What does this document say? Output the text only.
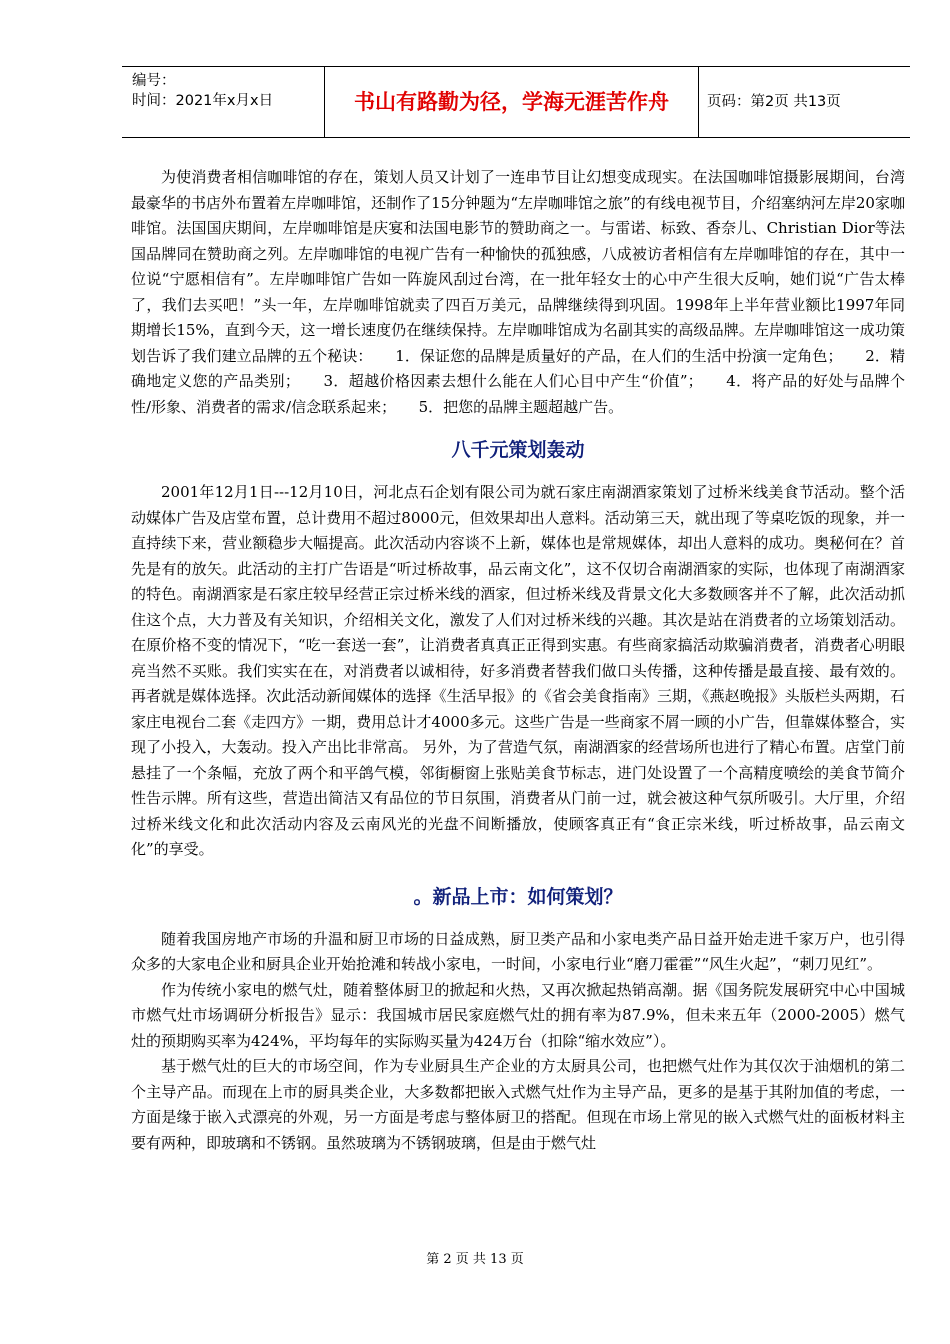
编号：
时间：2021年x月x日	书山有路勤为径，学海无涯苦作舟	页码：第2页 共13页

为使消费者相信咖啡馆的存在，策划人员又计划了一连串节目让幻想变成现实。在法国咖啡馆摄影展期间，台湾最豪华的书店外布置着左岸咖啡馆，还制作了15分钟题为“左岸咖啡馆之旅”的有线电视节目，介绍塞纳河左岸20家咖啡馆。法国国庆期间，左岸咖啡馆是庆宴和法国电影节的赞助商之一。与雷诺、标致、香奈儿、Christian Dior等法国品牌同在赞助商之列。左岸咖啡馆的电视广告有一种愉快的孤独感，八成被访者相信有左岸咖啡馆的存在，其中一位说“宁愿相信有”。左岸咖啡馆广告如一阵旋风刮过台湾，在一批年轻女士的心中产生很大反响，她们说“广告太棒了，我们去买吧！”头一年，左岸咖啡馆就卖了四百万美元，品牌继续得到巩固。1998年上半年营业额比1997年同期增长15%，直到今天，这一增长速度仍在继续保持。左岸咖啡馆成为名副其实的高级品牌。左岸咖啡馆这一成功策划告诉了我们建立品牌的五个秘诀：　　1．保证您的品牌是质量好的产品，在人们的生活中扮演一定角色；　　2．精确地定义您的产品类别；　　3．超越价格因素去想什么能在人们心目中产生“价值”；　　4．将产品的好处与品牌个性/形象、消费者的需求/信念联系起来；　　5．把您的品牌主题超越广告。

八千元策划轰动

2001年12月1日---12月10日，河北点石企划有限公司为就石家庄南湖酒家策划了过桥米线美食节活动。整个活动媒体广告及店堂布置，总计费用不超过8000元，但效果却出人意料。活动第三天，就出现了等桌吃饭的现象，并一直持续下来，营业额稳步大幅提高。此次活动内容谈不上新，媒体也是常规媒体，却出人意料的成功。奥秘何在？首先是有的放矢。此活动的主打广告语是“听过桥故事，品云南文化”，这不仅切合南湖酒家的实际，也体现了南湖酒家的特色。南湖酒家是石家庄较早经营正宗过桥米线的酒家，但过桥米线及背景文化大多数顾客并不了解，此次活动抓住这个点，大力普及有关知识，介绍相关文化，激发了人们对过桥米线的兴趣。其次是站在消费者的立场策划活动。在原价格不变的情况下，“吃一套送一套”，让消费者真真正正得到实惠。有些商家搞活动欺骗消费者，消费者心明眼亮当然不买账。我们实实在在，对消费者以诚相待，好多消费者替我们做口头传播，这种传播是最直接、最有效的。再者就是媒体选择。次此活动新闻媒体的选择《生活早报》的《省会美食指南》三期，《燕赵晚报》头版栏头两期，石家庄电视台二套《走四方》一期，费用总计才4000多元。这些广告是一些商家不屑一顾的小广告，但靠媒体整合，实现了小投入，大轰动。投入产出比非常高。 另外，为了营造气氛，南湖酒家的经营场所也进行了精心布置。店堂门前悬挂了一个条幅，充放了两个和平鸽气模，邻街橱窗上张贴美食节标志，进门处设置了一个高精度喷绘的美食节简介性告示牌。所有这些，营造出简洁又有品位的节日氛围，消费者从门前一过，就会被这种气氛所吸引。大厅里，介绍过桥米线文化和此次活动内容及云南风光的光盘不间断播放，使顾客真正有“食正宗米线，听过桥故事，品云南文化”的享受。

。新品上市：如何策划？

随着我国房地产市场的升温和厨卫市场的日益成熟，厨卫类产品和小家电类产品日益开始走进千家万户，也引得众多的大家电企业和厨具企业开始抢滩和转战小家电，一时间，小家电行业“磨刀霍霍”“风生火起”，“刺刀见红”。

作为传统小家电的燃气灶，随着整体厨卫的掀起和火热，又再次掀起热销高潮。据《国务院发展研究中心中国城市燃气灶市场调研分析报告》显示：我国城市居民家庭燃气灶的拥有率为87.9%，但未来五年（2000-2005）燃气灶的预期购买率为424%，平均每年的实际购买量为424万台（扣除“缩水效应”）。

基于燃气灶的巨大的市场空间，作为专业厨具生产企业的方太厨具公司，也把燃气灶作为其仅次于油烟机的第二个主导产品。而现在上市的厨具类企业，大多数都把嵌入式燃气灶作为主导产品，更多的是基于其附加值的考虑，一方面是缘于嵌入式漂亮的外观，另一方面是考虑与整体厨卫的搭配。但现在市场上常见的嵌入式燃气灶的面板材料主要有两种，即玻璃和不锈钢。虽然玻璃为不锈钢玻璃，但是由于燃气灶

第 2 页 共 13 页
